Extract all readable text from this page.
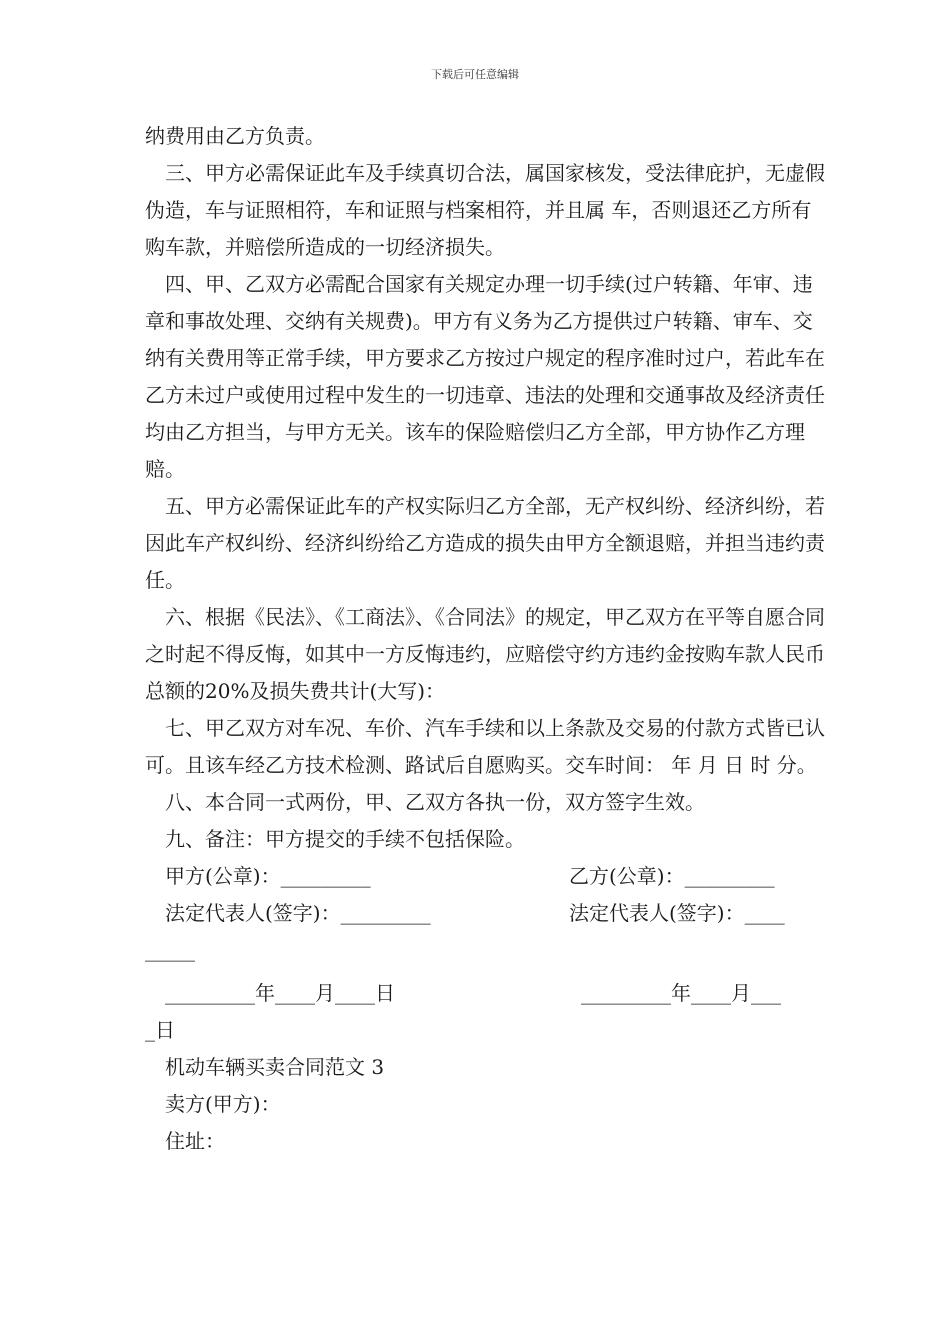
下载后可任意编辑

纳费用由乙方负责。

三、甲方必需保证此车及手续真切合法，属国家核发，受法律庇护，无虚假伪造，车与证照相符，车和证照与档案相符，并且属 车，否则退还乙方所有购车款，并赔偿所造成的一切经济损失。

四、甲、乙双方必需配合国家有关规定办理一切手续(过户转籍、年审、违章和事故处理、交纳有关规费)。甲方有义务为乙方提供过户转籍、审车、交纳有关费用等正常手续，甲方要求乙方按过户规定的程序准时过户，若此车在乙方未过户或使用过程中发生的一切违章、违法的处理和交通事故及经济责任均由乙方担当，与甲方无关。该车的保险赔偿归乙方全部，甲方协作乙方理赔。

五、甲方必需保证此车的产权实际归乙方全部，无产权纠纷、经济纠纷，若因此车产权纠纷、经济纠纷给乙方造成的损失由甲方全额退赔，并担当违约责任。

六、根据《民法》、《工商法》、《合同法》的规定，甲乙双方在平等自愿合同之时起不得反悔，如其中一方反悔违约，应赔偿守约方违约金按购车款人民币总额的20%及损失费共计(大写)：

七、甲乙双方对车况、车价、汽车手续和以上条款及交易的付款方式皆已认可。且该车经乙方技术检测、路试后自愿购买。交车时间： 年 月 日 时 分。

八、本合同一式两份，甲、乙双方各执一份，双方签字生效。

九、备注：甲方提交的手续不包括保险。

甲方(公章)：_________	乙方(公章)：_________
法定代表人(签字)：_________	法定代表人(签字)：____

_____

_________年____月____日	_________年____月___

_日

机动车辆买卖合同范文 3

卖方(甲方)：

住址：
